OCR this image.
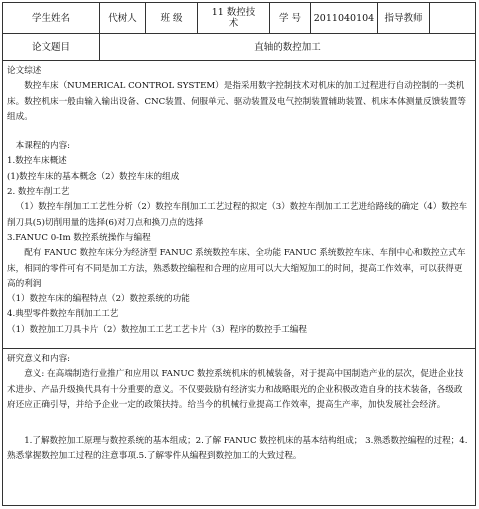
学生姓名	代树人	班 级	11 数控技术	学 号	2011040104	指导教师
论文题目	直轴的数控加工

论文综述

数控车床（NUMERICAL CONTROL SYSTEM）是指采用数字控制技术对机床的加工过程进行自动控制的一类机床。数控机床一般由输入输出设备、CNC装置、伺服单元、驱动装置及电气控制装置辅助装置、机床本体测量反馈装置等组成。

本课程的内容:

1.数控车床概述

(1)数控车床的基本概念（2）数控车床的组成

2. 数控车削工艺

（1）数控车削加工工艺性分析（2）数控车削加工工艺过程的拟定（3）数控车削加工工艺进给路线的确定（4）数控车削刀具(5)切削用量的选择(6)对刀点和换刀点的选择

3.FANUC 0-Im 数控系统操作与编程

配有 FANUC 数控车床分为经济型 FANUC 系统数控车床、全功能 FANUC 系统数控车床、车削中心和数控立式车床，相同的零件可有不同是加工方法，熟悉数控编程和合理的应用可以大大缩短加工的时间，提高工作效率，可以获得更高的利润

（1）数控车床的编程特点（2）数控系统的功能

4.典型零件数控车削加工工艺

（1）数控加工刀具卡片（2）数控加工工艺工艺卡片（3）程序的数控手工编程

研究意义和内容:

意义: 在高端制造行业推广和应用以 FANUC 数控系统机床的机械装备，对于提高中国制造产业的层次，促进企业技术进步、产品升级换代具有十分重要的意义。不仅要鼓励有经济实力和战略眼光的企业积极改造自身的技术装备，各级政府还应正确引导，并给予企业一定的政策扶持。给当今的机械行业提高工作效率，提高生产率，加快发展社会经济。

1.了解数控加工原理与数控系统的基本组成；2.了解 FANUC 数控机床的基本结构组成； 3.熟悉数控编程的过程；4.熟悉掌握数控加工过程的注意事项.5.了解零件从编程到数控加工的大致过程。
